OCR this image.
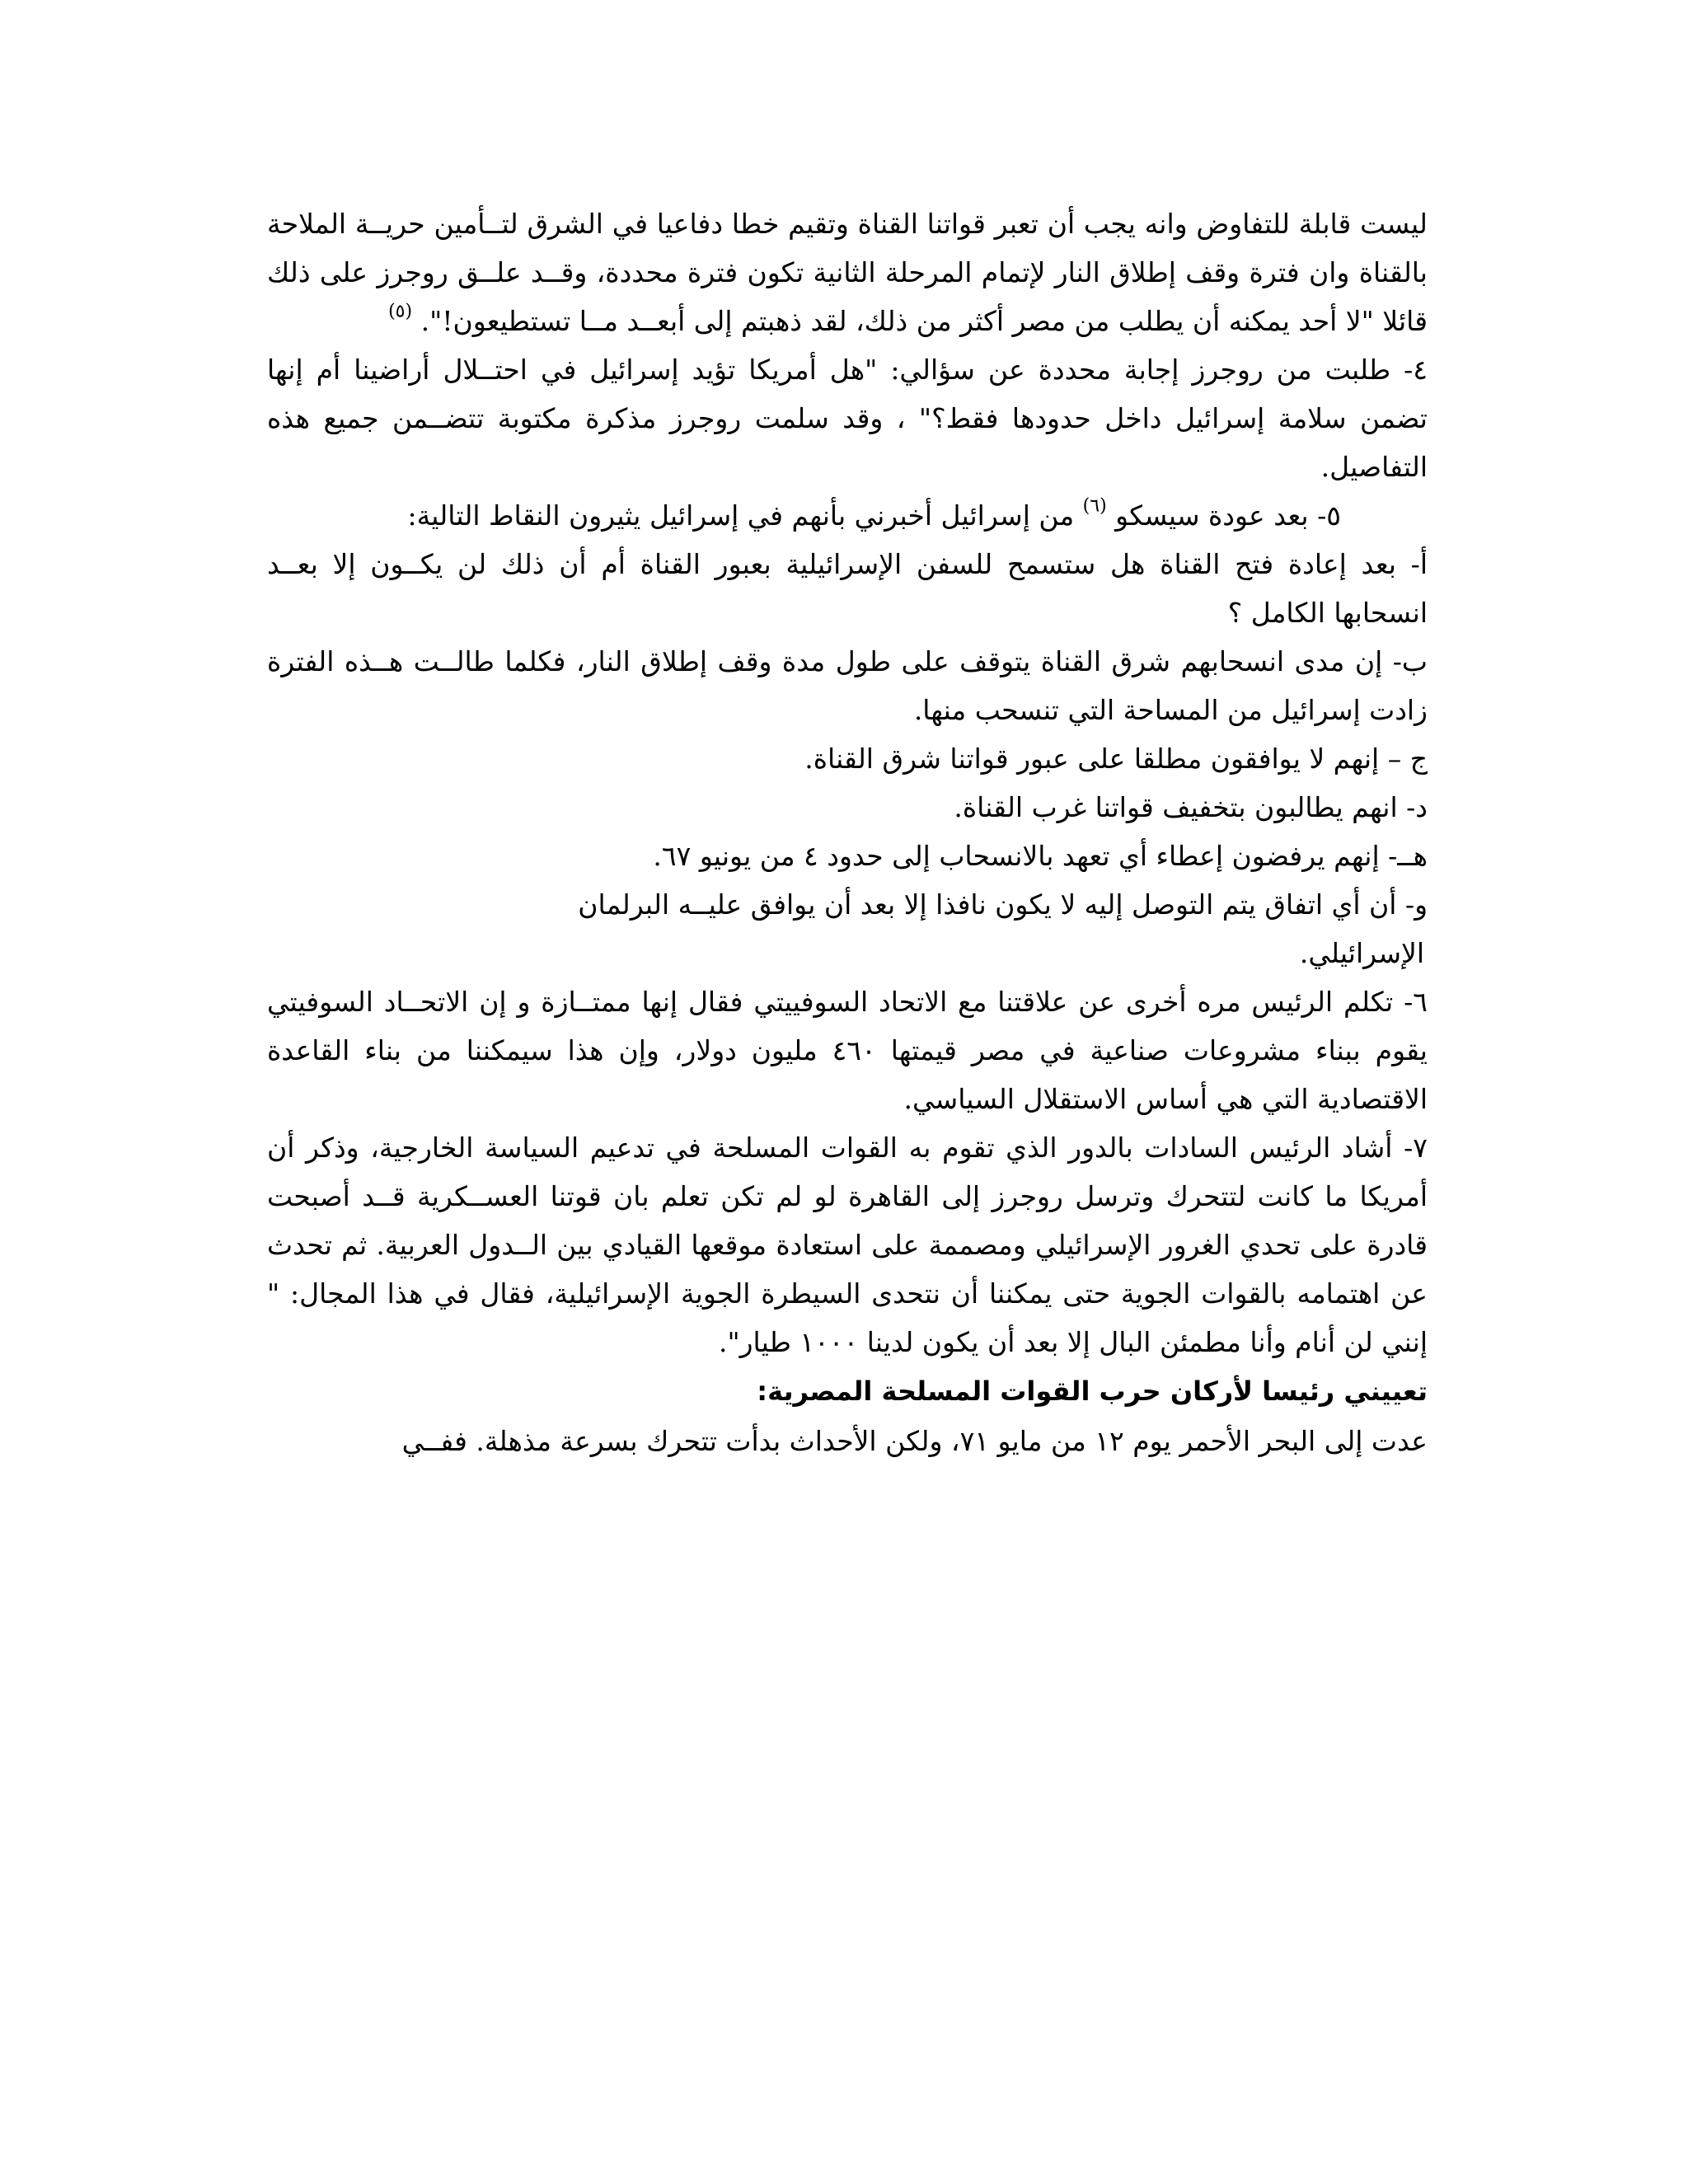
ليست قابلة للتفاوض وانه يجب أن تعبر قواتنا القناة وتقيم خطا دفاعيا في الشرق لتــأمين حريــة الملاحة بالقناة وان فترة وقف إطلاق النار لإتمام المرحلة الثانية تكون فترة محددة، وقــد علــق روجرز على ذلك قائلا "لا أحد يمكنه أن يطلب من مصر أكثر من ذلك، لقد ذهبتم إلى أبعــد مــا تستطيعون!". $^{(٥)}$

٤- طلبت من روجرز إجابة محددة عن سؤالي: "هل أمريكا تؤيد إسرائيل في احتــلال أراضينا أم إنها تضمن سلامة إسرائيل داخل حدودها فقط؟" ، وقد سلمت روجرز مذكرة مكتوبة تتضــمن جميع هذه التفاصيل.

٥- بعد عودة سيسكو $^{(٦)}$ من إسرائيل أخبرني بأنهم في إسرائيل يثيرون النقاط التالية:

أ- بعد إعادة فتح القناة هل ستسمح للسفن الإسرائيلية بعبور القناة أم أن ذلك لن يكــون إلا بعــد انسحابها الكامل ؟

ب- إن مدى انسحابهم شرق القناة يتوقف على طول مدة وقف إطلاق النار، فكلما طالــت هــذه الفترة زادت إسرائيل من المساحة التي تنسحب منها.

ج – إنهم لا يوافقون مطلقا على عبور قواتنا شرق القناة.

د- انهم يطالبون بتخفيف قواتنا غرب القناة.

هــ- إنهم يرفضون إعطاء أي تعهد بالانسحاب إلى حدود ٤ من يونيو ٦٧.

و- أن أي اتفاق يتم التوصل إليه لا يكون نافذا إلا بعد أن يوافق عليــه البرلمان
الإسرائيلي.

٦- تكلم الرئيس مره أخرى عن علاقتنا مع الاتحاد السوفييتي فقال إنها ممتــازة و إن الاتحــاد السوفيتي يقوم ببناء مشروعات صناعية في مصر قيمتها ٤٦٠ مليون دولار، وإن هذا سيمكننا من بناء القاعدة الاقتصادية التي هي أساس الاستقلال السياسي.

٧- أشاد الرئيس السادات بالدور الذي تقوم به القوات المسلحة في تدعيم السياسة الخارجية، وذكر أن أمريكا ما كانت لتتحرك وترسل روجرز إلى القاهرة لو لم تكن تعلم بان قوتنا العســكرية قــد أصبحت قادرة على تحدي الغرور الإسرائيلي ومصممة على استعادة موقعها القيادي بين الــدول العربية. ثم تحدث عن اهتمامه بالقوات الجوية حتى يمكننا أن نتحدى السيطرة الجوية الإسرائيلية، فقال في هذا المجال: " إنني لن أنام وأنا مطمئن البال إلا بعد أن يكون لدينا ١٠٠٠ طيار".

تعييني رئيسا لأركان حرب القوات المسلحة المصرية:

عدت إلى البحر الأحمر يوم ١٢ من مايو ٧١، ولكن الأحداث بدأت تتحرك بسرعة مذهلة. ففــي
